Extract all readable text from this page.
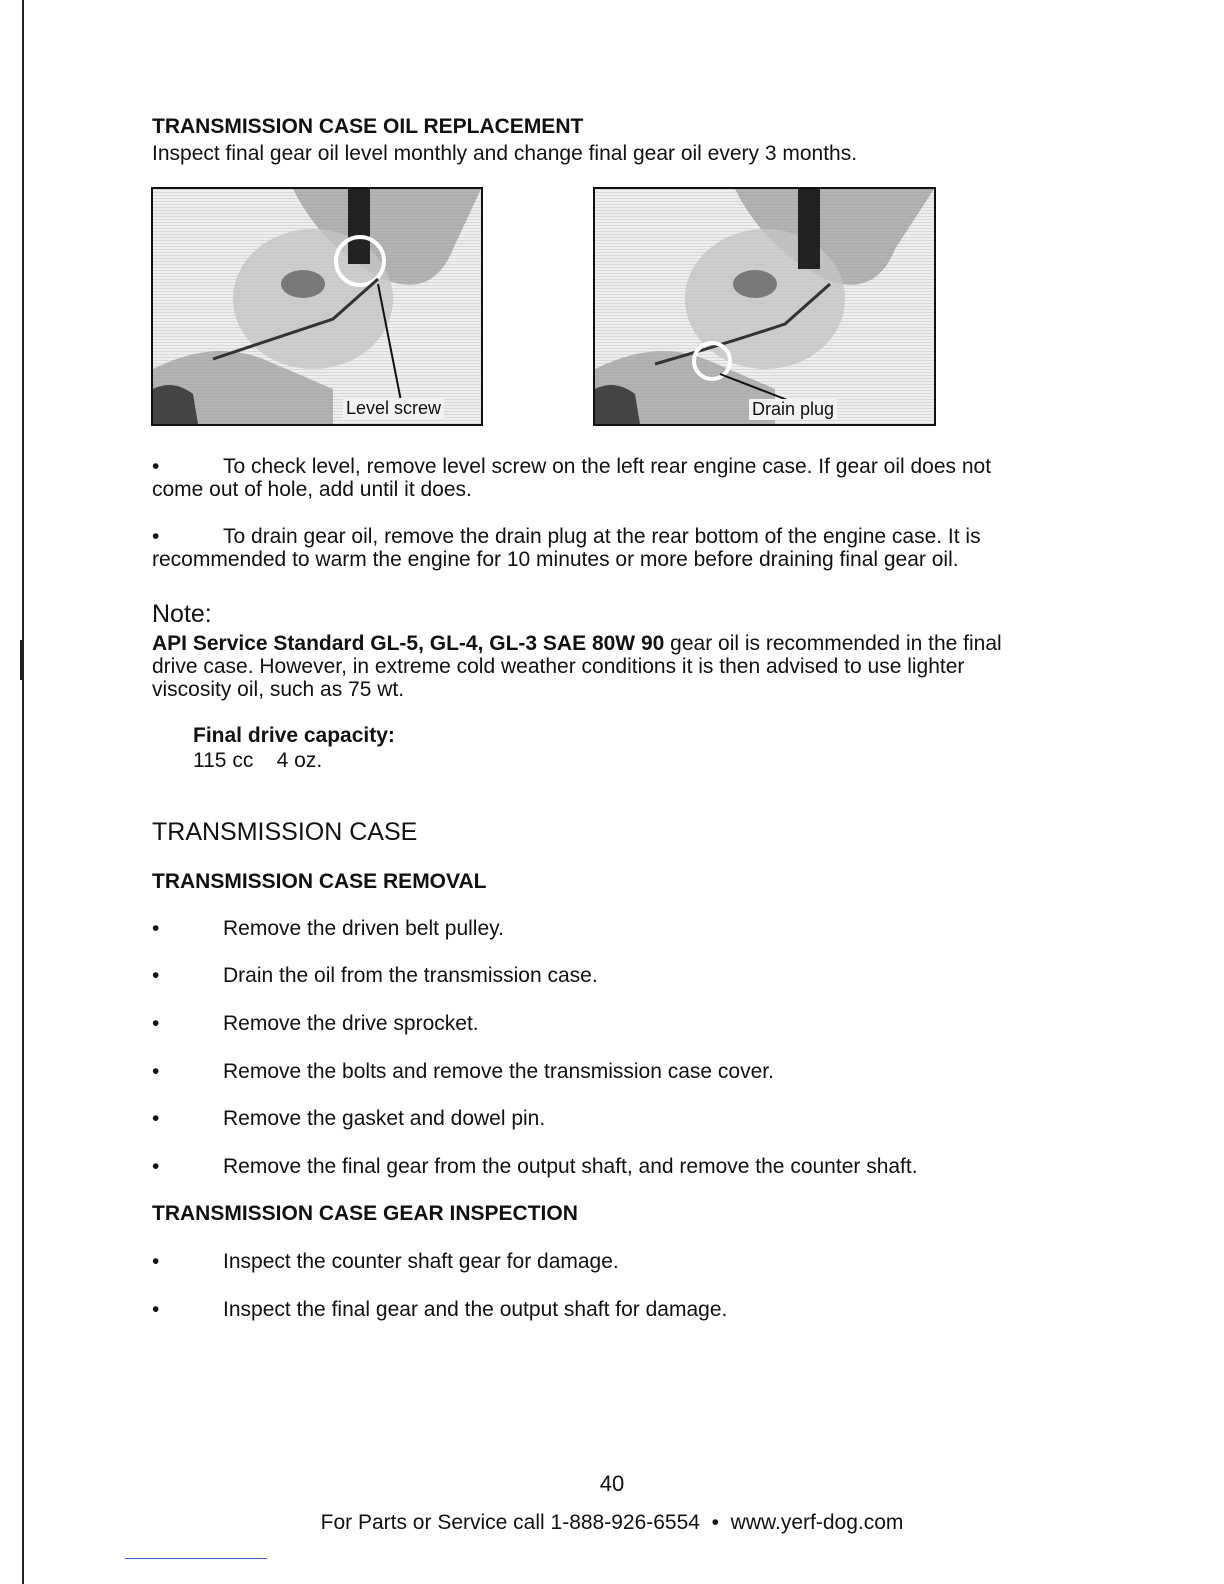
TRANSMISSION CASE OIL REPLACEMENT
Inspect final gear oil level monthly and change final gear oil every 3 months.
Level screw	Drain plug
•	To check level, remove level screw on the left rear engine case. If gear oil does not
come out of hole, add until it does.
•	To drain gear oil, remove the drain plug at the rear bottom of the engine case. It is
recommended to warm the engine for 10 minutes or more before draining final gear oil.
Note:
API Service Standard GL-5, GL-4, GL-3 SAE 80W 90 gear oil is recommended in the final
drive case. However, in extreme cold weather conditions it is then advised to use lighter
viscosity oil, such as 75 wt.
Final drive capacity:
115 cc    4 oz.
TRANSMISSION CASE
TRANSMISSION CASE REMOVAL
•	Remove the driven belt pulley.
•	Drain the oil from the transmission case.
•	Remove the drive sprocket.
•	Remove the bolts and remove the transmission case cover.
•	Remove the gasket and dowel pin.
•	Remove the final gear from the output shaft, and remove the counter shaft.
TRANSMISSION CASE GEAR INSPECTION
•	Inspect the counter shaft gear for damage.
•	Inspect the final gear and the output shaft for damage.
40
For Parts or Service call 1-888-926-6554  •  www.yerf-dog.com
